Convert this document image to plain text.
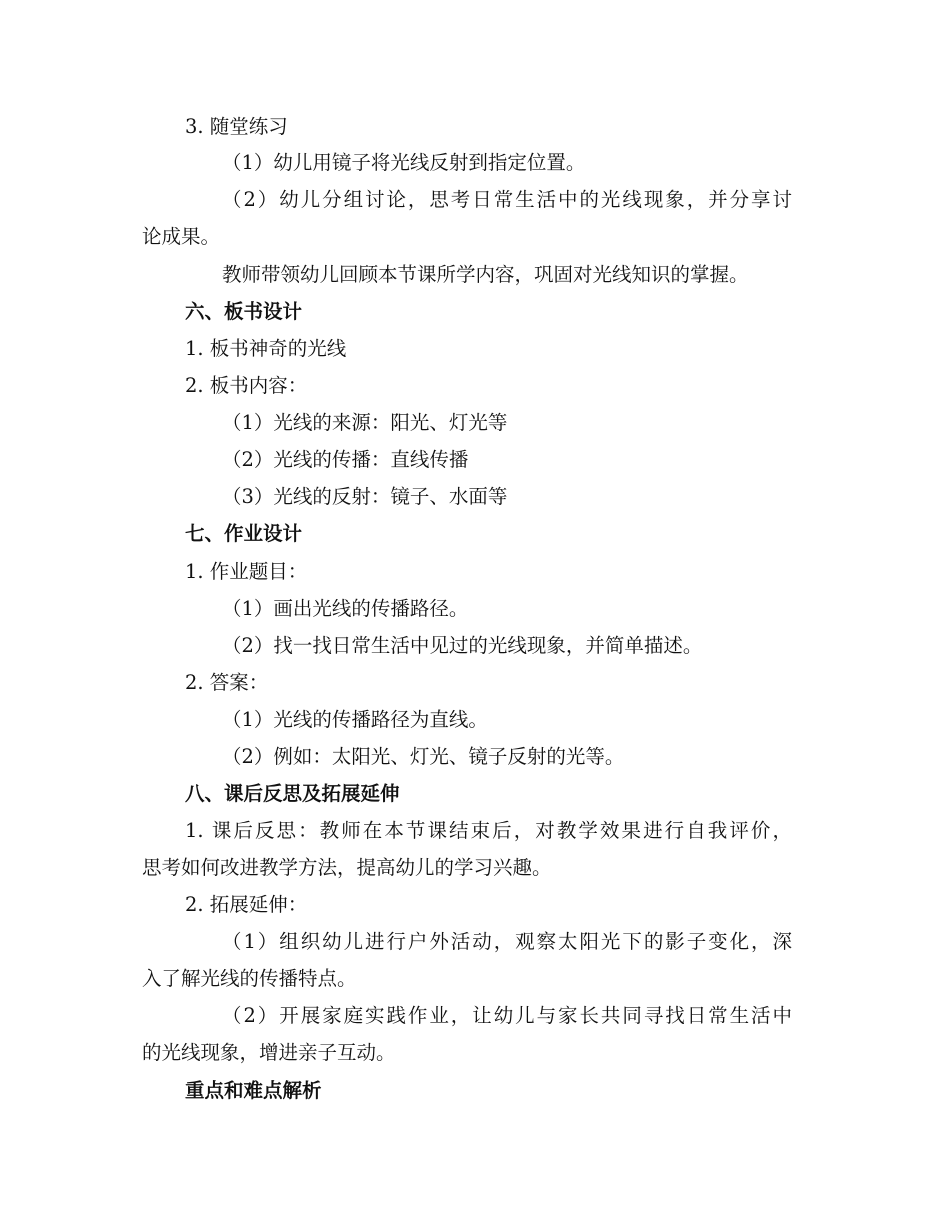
3. 随堂练习
（1）幼儿用镜子将光线反射到指定位置。
（2）幼儿分组讨论，思考日常生活中的光线现象，并分享讨
论成果。
教师带领幼儿回顾本节课所学内容，巩固对光线知识的掌握。
六、板书设计
1. 板书神奇的光线
2. 板书内容：
（1）光线的来源：阳光、灯光等
（2）光线的传播：直线传播
（3）光线的反射：镜子、水面等
七、作业设计
1. 作业题目：
（1）画出光线的传播路径。
（2）找一找日常生活中见过的光线现象，并简单描述。
2. 答案：
（1）光线的传播路径为直线。
（2）例如：太阳光、灯光、镜子反射的光等。
八、课后反思及拓展延伸
1. 课后反思：教师在本节课结束后，对教学效果进行自我评价，
思考如何改进教学方法，提高幼儿的学习兴趣。
2. 拓展延伸：
（1）组织幼儿进行户外活动，观察太阳光下的影子变化，深
入了解光线的传播特点。
（2）开展家庭实践作业，让幼儿与家长共同寻找日常生活中
的光线现象，增进亲子互动。
重点和难点解析
